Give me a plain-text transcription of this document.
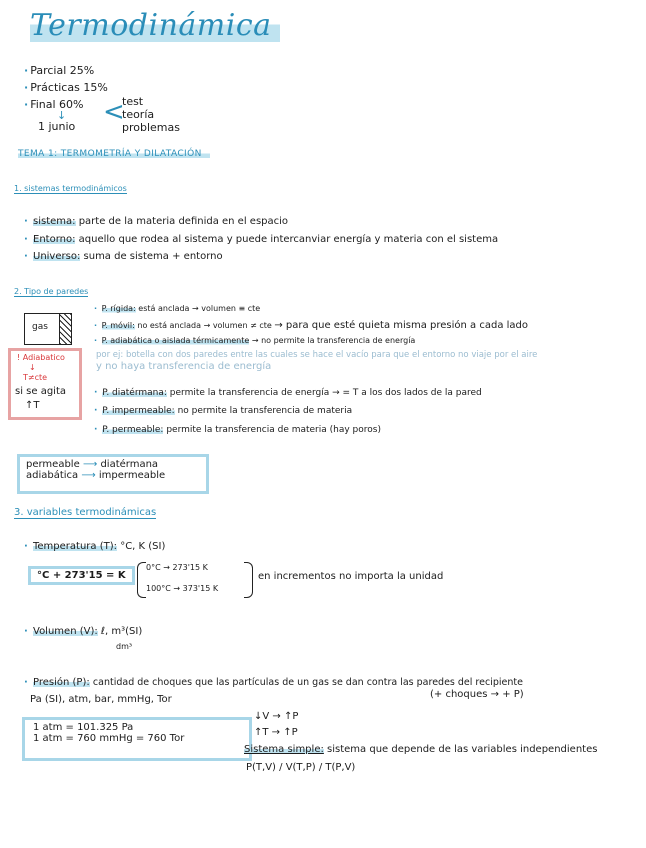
Termodinámica
· Parcial 25%
· Prácticas 15%
· Final 60%
↓
1 junio <
test
teoría
problemas
TEMA 1: TERMOMETRÍA Y DILATACIÓN
1. sistemas termodinámicos
· sistema: parte de la materia definida en el espacio
· Entorno: aquello que rodea al sistema y puede intercanviar energía y materia con el sistema
· Universo: suma de sistema + entorno
2. Tipo de paredes
gas
! Adiabatico
↓
T≠cte
si se agita
↑T
· P. rígida: está anclada → volumen ≡ cte
· P. móvil: no está anclada → volumen ≠ cte → para que esté quieta misma presión a cada lado
· P. adiabática o aislada térmicamente → no permite la transferencia de energía
por ej: botella con dos paredes entre las cuales se hace el vacío para que el entorno no viaje por el aire
y no haya transferencia de energía
· P. diatérmana: permite la transferencia de energía → = T a los dos lados de la pared
· P. impermeable: no permite la transferencia de materia
· P. permeable: permite la transferencia de materia (hay poros)
permeable ⟶ diatérmana
adiabática ⟶ impermeable
3. variables termodinámicas
· Temperatura (T): °C, K (SI)
°C + 273'15 = K
0°C → 273'15 K
100°C → 373'15 K
en incrementos no importa la unidad
· Volumen (V): ℓ, m³(SI)
dm³
· Presión (P): cantidad de choques que las partículas de un gas se dan contra las paredes del recipiente
Pa (SI), atm, bar, mmHg, Tor	(+ choques → + P)
1 atm = 101.325 Pa
1 atm = 760 mmHg = 760 Tor
↓V → ↑P
↑T → ↑P
Sistema simple: sistema que depende de las variables independientes
P(T,V) / V(T,P) / T(P,V)
